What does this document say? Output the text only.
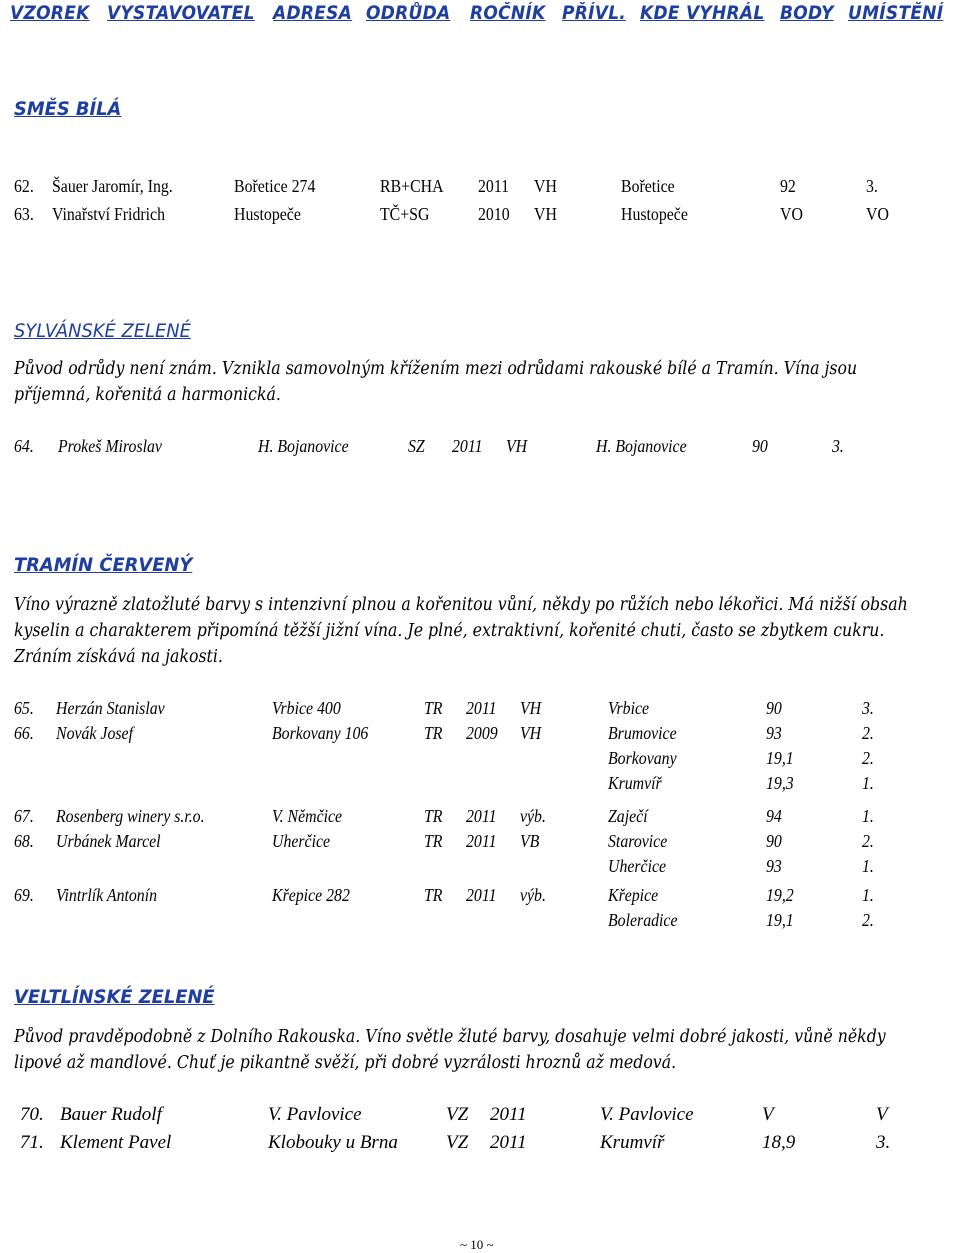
VZOREK VYSTAVOVATEL ADRESA ODRŮDA ROČNÍK PŘÍVL. KDE VYHRÁL BODY UMÍSTĚNÍ
SMĚS BÍLÁ
62. Šauer Jaromír, Ing.	Bořetice 274	RB+CHA 2011 VH	Bořetice	92	3.
63. Vinařství Fridrich	Hustopeče	TČ+SG	2010 VH	Hustopeče	VO	VO
SYLVÁNSKÉ ZELENÉ
Původ odrůdy není znám. Vznikla samovolným křížením mezi odrůdami rakouské bílé a Tramín. Vína jsou příjemná, kořenitá a harmonická.
64. Prokeš Miroslav	H. Bojanovice	SZ 2011 VH	H. Bojanovice	90	3.
TRAMÍN ČERVENÝ
Víno výrazně zlatožluté barvy s intenzivní plnou a kořenitou vůní, někdy po růžích nebo lékořici. Má nižší obsah kyselin a charakterem připomíná těžší jižní vína. Je plné, extraktivní, kořenité chuti, často se zbytkem cukru. Zráním získává na jakosti.
65. Herzán Stanislav	Vrbice 400	TR 2011 VH	Vrbice	90	3.
66. Novák Josef	Borkovany 106	TR 2009 VH	Brumovice	93	2.
Borkovany	19,1	2.
Krumvíř	19,3	1.
67. Rosenberg winery s.r.o.	V. Němčice	TR 2011 výb.	Zaječí	94	1.
68. Urbánek Marcel	Uherčice	TR 2011 VB	Starovice	90	2.
Uherčice	93	1.
69. Vintrlík Antonín	Křepice 282	TR 2011 výb.	Křepice	19,2	1.
Boleradice	19,1	2.
VELTLÍNSKÉ ZELENÉ
Původ pravděpodobně z Dolního Rakouska. Víno světle žluté barvy, dosahuje velmi dobré jakosti, vůně někdy lipové až mandlové. Chuť je pikantně svěží, při dobré vyzrálosti hroznů až medová.
70. Bauer Rudolf	V. Pavlovice	VZ 2011	V. Pavlovice	V	V
71. Klement Pavel	Klobouky u Brna	VZ 2011	Krumvíř	18,9	3.
~ 10 ~
